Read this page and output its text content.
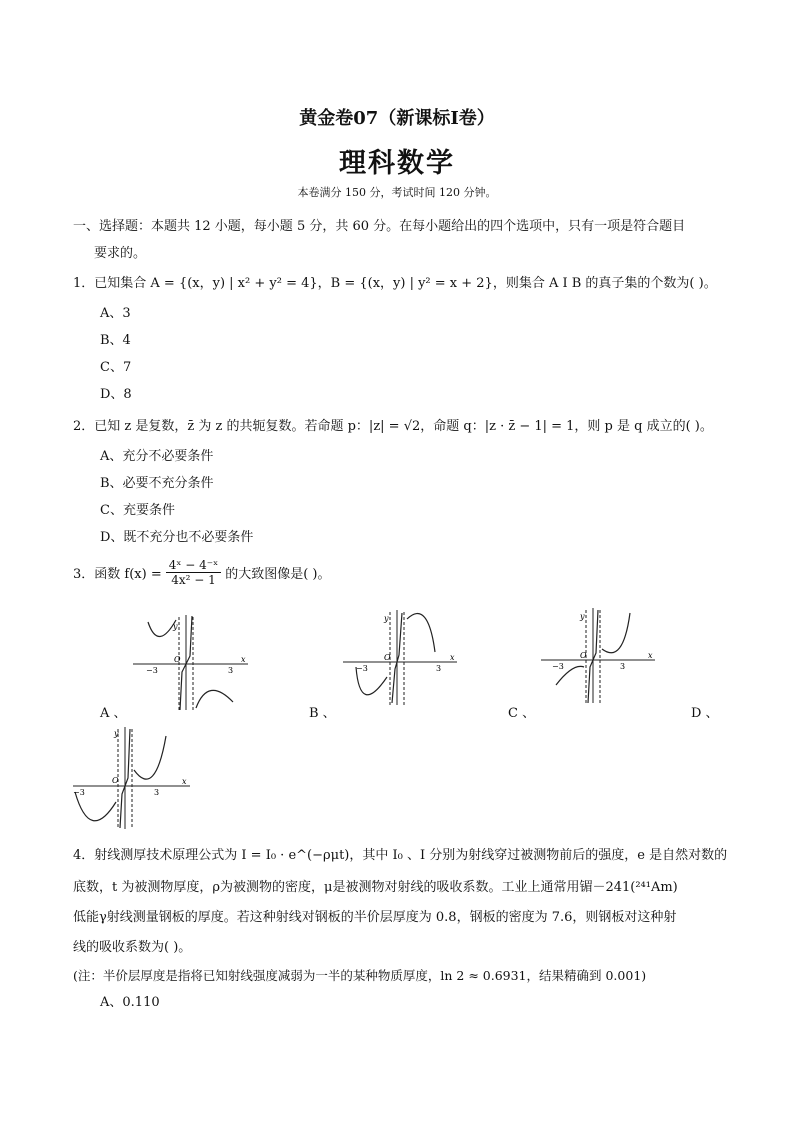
黄金卷07（新课标Ⅰ卷）
理科数学
本卷满分 150 分，考试时间 120 分钟。
一、选择题：本题共 12 小题，每小题 5 分，共 60 分。在每小题给出的四个选项中，只有一项是符合题目
要求的。
1．已知集合 A = {(x，y) | x² + y² = 4}，B = {(x，y) | y² = x + 2}，则集合 A I B 的真子集的个数为( )。
A、3
B、4
C、7
D、8
2．已知 z 是复数，z̄ 为 z 的共轭复数。若命题 p：|z| = √2，命题 q：|z · z̄ − 1| = 1，则 p 是 q 成立的( )。
A、充分不必要条件
B、必要不充分条件
C、充要条件
D、既不充分也不必要条件
3．函数 $f(x) = \frac{\text{4ˣ − 4⁻ˣ}}{\text{4x² − 1}}$ 的大致图像是( )。
y
x
O
−3	3
A 、
y
x
O
−3	3
B 、
y
x
O
−3	3
C 、	D 、
y
x
O
−3	3
4．射线测厚技术原理公式为 I = I₀ · e^(−ρμt)，其中 I₀ 、I 分别为射线穿过被测物前后的强度，e 是自然对数的
底数，t 为被测物厚度，ρ为被测物的密度，μ是被测物对射线的吸收系数。工业上通常用镅－241(²⁴¹Am)
低能γ射线测量钢板的厚度。若这种射线对钢板的半价层厚度为 0.8，钢板的密度为 7.6，则钢板对这种射
线的吸收系数为( )。
(注：半价层厚度是指将已知射线强度减弱为一半的某种物质厚度，ln 2 ≈ 0.6931，结果精确到 0.001)
A、0.110
